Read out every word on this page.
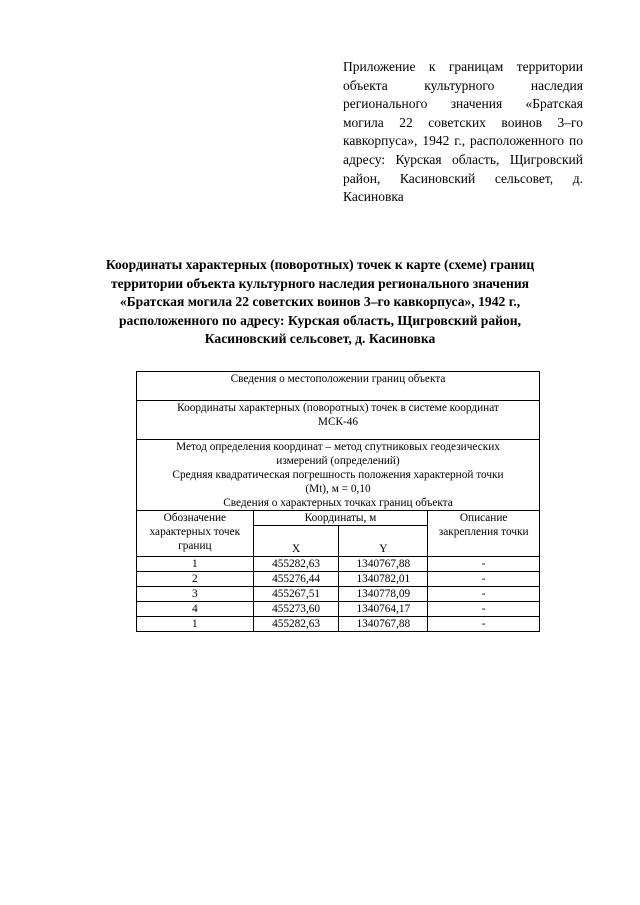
Приложение к границам территории объекта культурного наследия регионального значения «Братская могила 22 советских воинов 3–го кавкорпуса», 1942 г., расположенного по адресу: Курская область, Щигровский район, Касиновский сельсовет, д. Касиновка
Координаты характерных (поворотных) точек к карте (схеме) границ
территории объекта культурного наследия регионального значения
«Братская могила 22 советских воинов 3–го кавкорпуса», 1942 г.,
расположенного по адресу: Курская область, Щигровский район,
Касиновский сельсовет, д. Касиновка
Сведения о местоположении границ объекта			

Координаты характерных (поворотных) точек в системе координат
МСК-46			

Метод определения координат – метод спутниковых геодезических
измерений (определений)
Средняя квадратическая погрешность положения характерной точки
(Mt), м = 0,10
Сведения о характерных точках границ объекта			

Обозначение характерных точек границ	Координаты, м		Описание закрепления точки
	X	Y	
1	455282,63	1340767,88	-
2	455276,44	1340782,01	-
3	455267,51	1340778,09	-
4	455273,60	1340764,17	-
1	455282,63	1340767,88	-
